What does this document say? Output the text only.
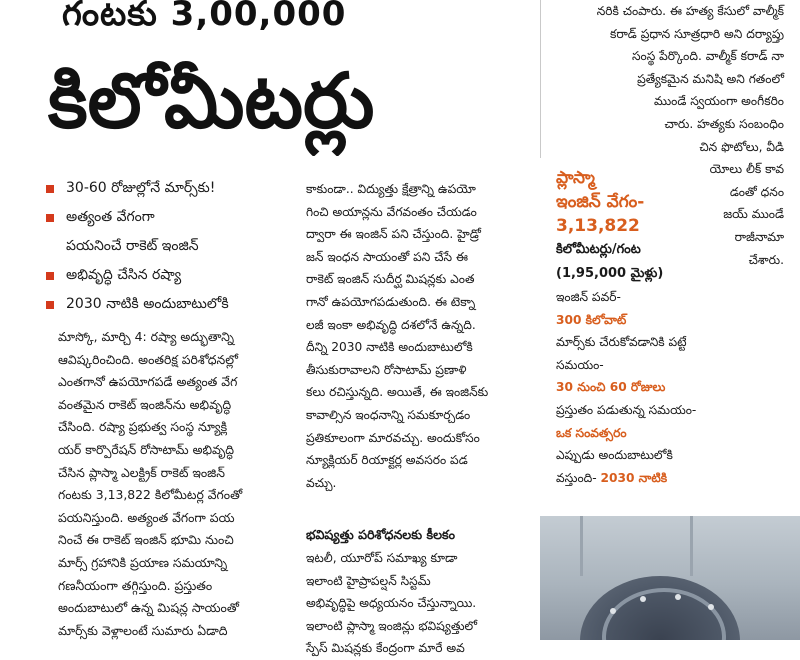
గంటకు 3,00,000
కిలోమీటర్లు
30-60 రోజుల్లోనే మార్స్‌కు!
అత్యంత వేగంగా
పయనించే రాకెట్ ఇంజిన్
అభివృద్ధి చేసిన రష్యా
2030 నాటికి అందుబాటులోకి

మాస్కో, మార్చి 4: రష్యా అద్భుతాన్ని

ఆవిష్కరించింది. అంతరిక్ష పరిశోధనల్లో

ఎంతగానో ఉపయోగపడే అత్యంత వేగ

వంతమైన రాకెట్ ఇంజిన్‌ను అభివృద్ధి

చేసింది. రష్యా ప్రభుత్వ సంస్థ న్యూక్లి

యర్ కార్పొరేషన్ రోసాటామ్ అభివృద్ధి

చేసిన ప్లాస్మా ఎలక్ట్రిక్ రాకెట్ ఇంజిన్

గంటకు 3,13,822 కిలోమీటర్ల వేగంతో

పయనిస్తుంది. అత్యంత వేగంగా పయ

నించే ఈ రాకెట్ ఇంజిన్ భూమి నుంచి

మార్స్ గ్రహానికి ప్రయాణ సమయాన్ని

గణనీయంగా తగ్గిస్తుంది. ప్రస్తుతం

అందుబాటులో ఉన్న మిషన్ల సాయంతో

మార్స్‌కు వెళ్లాలంటే సుమారు ఏడాది

కాకుండా.. విద్యుత్తు క్షేత్రాన్ని ఉపయో

గించి అయాన్లను వేగవంతం చేయడం

ద్వారా ఈ ఇంజిన్ పని చేస్తుంది. హైడ్రో

జన్ ఇంధన సాయంతో పని చేసే ఈ

రాకెట్ ఇంజిన్ సుదీర్ఘ మిషన్లకు ఎంత

గానో ఉపయోగపడుతుంది. ఈ టెక్నా

లజీ ఇంకా అభివృద్ధి దశలోనే ఉన్నది.

దీన్ని 2030 నాటికి అందుబాటులోకి

తీసుకురావాలని రోసాటామ్ ప్రణాళి

కలు రచిస్తున్నది. అయితే, ఈ ఇంజిన్‌కు

కావాల్సిన ఇంధనాన్ని సమకూర్చడం

ప్రతికూలంగా మారవచ్చు. అందుకోసం

న్యూక్లియర్ రియాక్టర్ల అవసరం పడ

వచ్చు.

భవిష్యత్తు పరిశోధనలకు కీలకం

ఇటలీ, యూరోప్ సమాఖ్య కూడా

ఇలాంటి హైప్రాపల్షన్ సిస్టమ్

అభివృద్ధిపై అధ్యయనం చేస్తున్నాయి.

ఇలాంటి ప్లాస్మా ఇంజిన్లు భవిష్యత్తులో

స్పేస్ మిషన్లకు కేంద్రంగా మారే అవ

నరికి చంపారు. ఈ హత్య కేసులో వాల్మీక్

కరాడ్ ప్రధాన సూత్రధారి అని దర్యాప్తు

సంస్థ పేర్కొంది. వాల్మీక్ కరాడ్ నా

ప్రత్యేకమైన మనిషి అని గతంలో

ముండే స్వయంగా అంగీకరిం

చారు. హత్యకు సంబంధిం

చిన ఫొటోలు, వీడి

యోలు లీక్ కావ

డంతో ధనం

జయ్ ముండే

రాజీనామా

చేశారు.

ప్లాస్మా
ఇంజిన్ వేగం-
3,13,822
కిలోమీటర్లు/గంట
(1,95,000 మైళ్లు)
ఇంజిన్ పవర్-
300 కిలోవాట్
మార్స్‌కు చేరుకోవడానికి పట్టే
సమయం-
30 నుంచి 60 రోజులు
ప్రస్తుతం పడుతున్న సమయం-
ఒక సంవత్సరం
ఎప్పుడు అందుబాటులోకి
వస్తుంది- 2030 నాటికి
